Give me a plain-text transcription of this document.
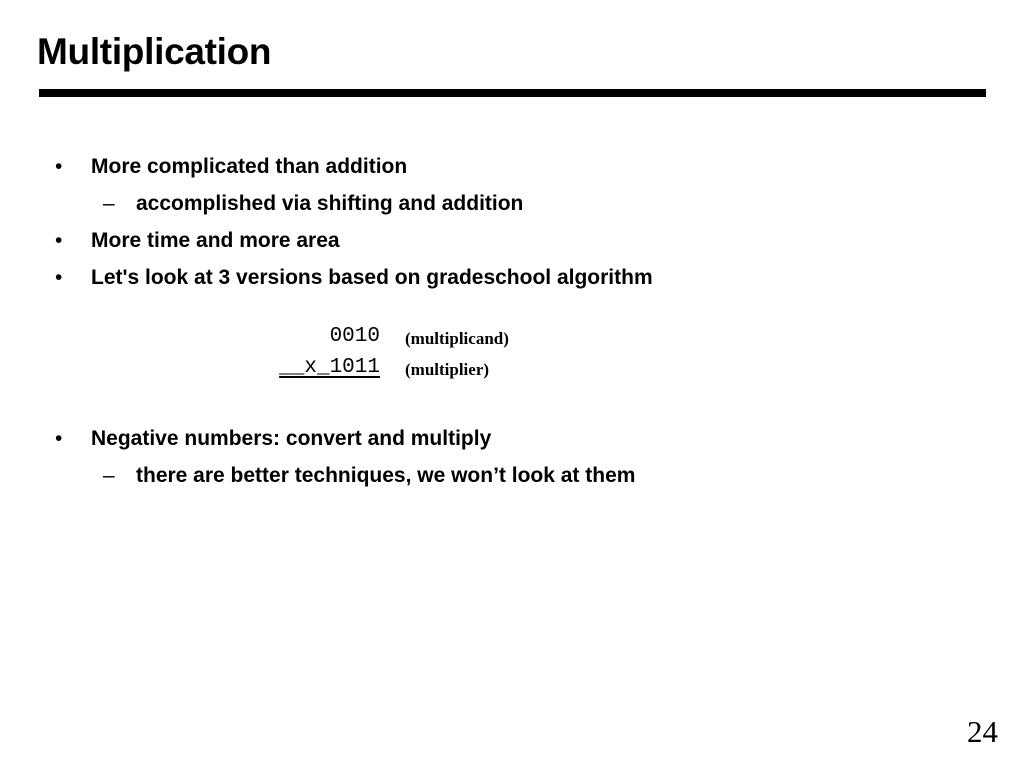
Multiplication
• More complicated than addition
– accomplished via shifting and addition
• More time and more area
• Let's look at 3 versions based on gradeschool algorithm
0010 (multiplicand)
__x_1011 (multiplier)
• Negative numbers: convert and multiply
– there are better techniques, we won’t look at them
24
